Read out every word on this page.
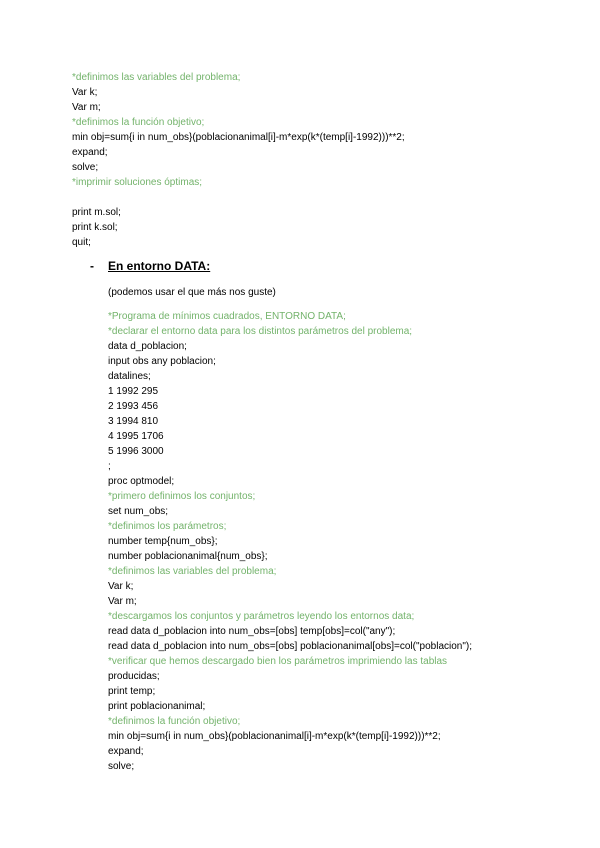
*definimos las variables del problema;
Var k;
Var m;
*definimos la función objetivo;
min obj=sum{i in num_obs}(poblacionanimal[i]-m*exp(k*(temp[i]-1992)))**2;
expand;
solve;
*imprimir soluciones óptimas;
print m.sol;
print k.sol;
quit;
- En entorno DATA:
(podemos usar el que más nos guste)
*Programa de mínimos cuadrados, ENTORNO DATA;
*declarar el entorno data para los distintos parámetros del problema;
data d_poblacion;
input obs any poblacion;
datalines;
1 1992 295
2 1993 456
3 1994 810
4 1995 1706
5 1996 3000
;
proc optmodel;
*primero definimos los conjuntos;
set num_obs;
*definimos los parámetros;
number temp{num_obs};
number poblacionanimal{num_obs};
*definimos las variables del problema;
Var k;
Var m;
*descargamos los conjuntos y parámetros leyendo los entornos data;
read data d_poblacion into num_obs=[obs] temp[obs]=col("any");
read data d_poblacion into num_obs=[obs] poblacionanimal[obs]=col("poblacion");
*verificar que hemos descargado bien los parámetros imprimiendo las tablas
producidas;
print temp;
print poblacionanimal;
*definimos la función objetivo;
min obj=sum{i in num_obs}(poblacionanimal[i]-m*exp(k*(temp[i]-1992)))**2;
expand;
solve;
